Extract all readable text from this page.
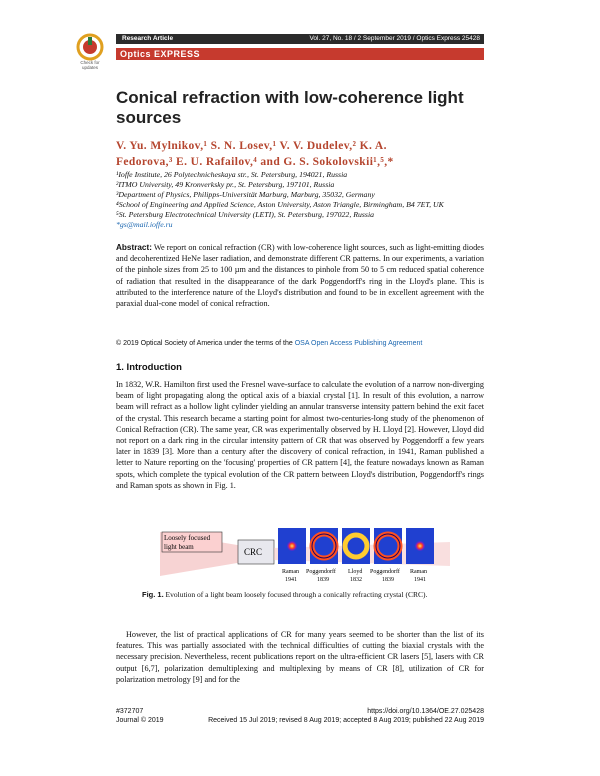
Check for updates
Research Article	Vol. 27, No. 18 / 2 September 2019 / Optics Express 25428
Optics EXPRESS
Conical refraction with low-coherence light sources
V. Yu. Mylnikov,¹ S. N. Losev,¹ V. V. Dudelev,² K. A.
Fedorova,³ E. U. Rafailov,⁴ and G. S. Sokolovskii¹,⁵,*
¹Ioffe Institute, 26 Polytechnicheskaya str., St. Petersburg, 194021, Russia
²ITMO University, 49 Kronverksky pr., St. Petersburg, 197101, Russia
³Department of Physics, Philipps-Universität Marburg, Marburg, 35032, Germany
⁴School of Engineering and Applied Science, Aston University, Aston Triangle, Birmingham, B4 7ET, UK
⁵St. Petersburg Electrotechnical University (LETI), St. Petersburg, 197022, Russia
*gs@mail.ioffe.ru
Abstract: We report on conical refraction (CR) with low-coherence light sources, such as light-emitting diodes and decoherentized HeNe laser radiation, and demonstrate different CR patterns. In our experiments, a variation of the pinhole sizes from 25 to 100 µm and the distances to pinhole from 50 to 5 cm reduced spatial coherence of radiation that resulted in the disappearance of the dark Poggendorff's ring in the Lloyd's plane. This is attributed to the interference nature of the Lloyd's distribution and found to be in excellent agreement with the paraxial dual-cone model of conical refraction.
© 2019 Optical Society of America under the terms of the OSA Open Access Publishing Agreement
1. Introduction
In 1832, W.R. Hamilton first used the Fresnel wave-surface to calculate the evolution of a narrow non-diverging beam of light propagating along the optical axis of a biaxial crystal [1]. In result of this evolution, a narrow beam will refract as a hollow light cylinder yielding an annular transverse intensity pattern behind the exit facet of the crystal. This research became a starting point for almost two-centuries-long study of the phenomenon of Conical Refraction (CR). The same year, CR was experimentally observed by H. Lloyd [2]. However, Lloyd did not report on a dark ring in the circular intensity pattern of CR that was observed by Poggendorff a few years later in 1839 [3]. More than a century after the discovery of conical refraction, in 1941, Raman published a letter to Nature reporting on the 'focusing' properties of CR pattern [4], the feature nowadays known as Raman spots, which complete the typical evolution of the CR pattern between Lloyd's distribution, Poggendorff's rings and Raman spots as shown in Fig. 1.
Loosely focused
light beam	CRC
Raman
1941
Poggendorff
1839
Lloyd
1832
Poggendorff
1839
Raman
1941
Fig. 1. Evolution of a light beam loosely focused through a conically refracting crystal (CRC).
However, the list of practical applications of CR for many years seemed to be shorter than the list of its features. This was partially associated with the technical difficulties of cutting the biaxial crystals with the necessary precision. Nevertheless, recent publications report on the ultra-efficient CR lasers [5], lasers with CR output [6,7], polarization demultiplexing and multiplexing by means of CR [8], utilization of CR for polarization metrology [9] and for the
#372707
Journal © 2019
https://doi.org/10.1364/OE.27.025428
Received 15 Jul 2019; revised 8 Aug 2019; accepted 8 Aug 2019; published 22 Aug 2019
